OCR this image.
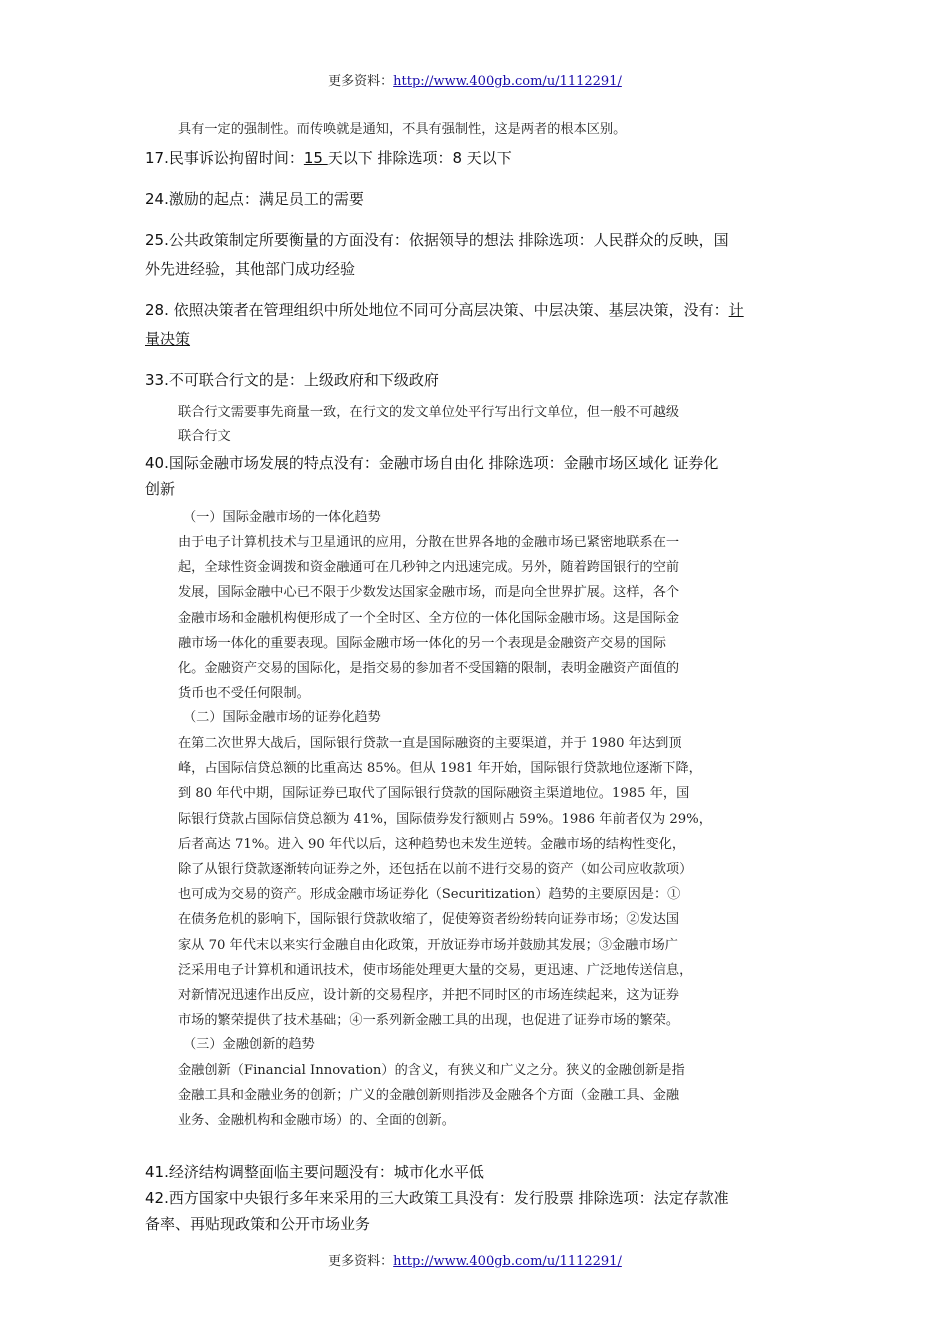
更多资料：http://www.400gb.com/u/1112291/

具有一定的强制性。而传唤就是通知，不具有强制性，这是两者的根本区别。

17.民事诉讼拘留时间：15 天以下 排除选项：8 天以下

24.激励的起点：满足员工的需要

25.公共政策制定所要衡量的方面没有：依据领导的想法 排除选项：人民群众的反映，国

外先进经验，其他部门成功经验

28. 依照决策者在管理组织中所处地位不同可分高层决策、中层决策、基层决策，没有：计

量决策

33.不可联合行文的是：上级政府和下级政府

联合行文需要事先商量一致，在行文的发文单位处平行写出行文单位，但一般不可越级

联合行文

40.国际金融市场发展的特点没有：金融市场自由化 排除选项：金融市场区域化 证券化

创新

（一）国际金融市场的一体化趋势

由于电子计算机技术与卫星通讯的应用，分散在世界各地的金融市场已紧密地联系在一

起，全球性资金调拨和资金融通可在几秒钟之内迅速完成。另外，随着跨国银行的空前

发展，国际金融中心已不限于少数发达国家金融市场，而是向全世界扩展。这样，各个

金融市场和金融机构便形成了一个全时区、全方位的一体化国际金融市场。这是国际金

融市场一体化的重要表现。国际金融市场一体化的另一个表现是金融资产交易的国际

化。金融资产交易的国际化，是指交易的参加者不受国籍的限制，表明金融资产面值的

货币也不受任何限制。

（二）国际金融市场的证券化趋势

在第二次世界大战后，国际银行贷款一直是国际融资的主要渠道，并于 1980 年达到顶

峰，占国际信贷总额的比重高达 85%。但从 1981 年开始，国际银行贷款地位逐渐下降，

到 80 年代中期，国际证券已取代了国际银行贷款的国际融资主渠道地位。1985 年，国

际银行贷款占国际信贷总额为 41%，国际债券发行额则占 59%。1986 年前者仅为 29%，

后者高达 71%。进入 90 年代以后，这种趋势也未发生逆转。金融市场的结构性变化，

除了从银行贷款逐渐转向证券之外，还包括在以前不进行交易的资产（如公司应收款项）

也可成为交易的资产。形成金融市场证券化（Securitization）趋势的主要原因是：①

在债务危机的影响下，国际银行贷款收缩了，促使筹资者纷纷转向证券市场；②发达国

家从 70 年代末以来实行金融自由化政策，开放证券市场并鼓励其发展；③金融市场广

泛采用电子计算机和通讯技术，使市场能处理更大量的交易，更迅速、广泛地传送信息，

对新情况迅速作出反应，设计新的交易程序，并把不同时区的市场连续起来，这为证券

市场的繁荣提供了技术基础；④一系列新金融工具的出现，也促进了证券市场的繁荣。

（三）金融创新的趋势

金融创新（Financial Innovation）的含义，有狭义和广义之分。狭义的金融创新是指

金融工具和金融业务的创新；广义的金融创新则指涉及金融各个方面（金融工具、金融

业务、金融机构和金融市场）的、全面的创新。

41.经济结构调整面临主要问题没有：城市化水平低

42.西方国家中央银行多年来采用的三大政策工具没有：发行股票 排除选项：法定存款准

备率、再贴现政策和公开市场业务

更多资料：http://www.400gb.com/u/1112291/
